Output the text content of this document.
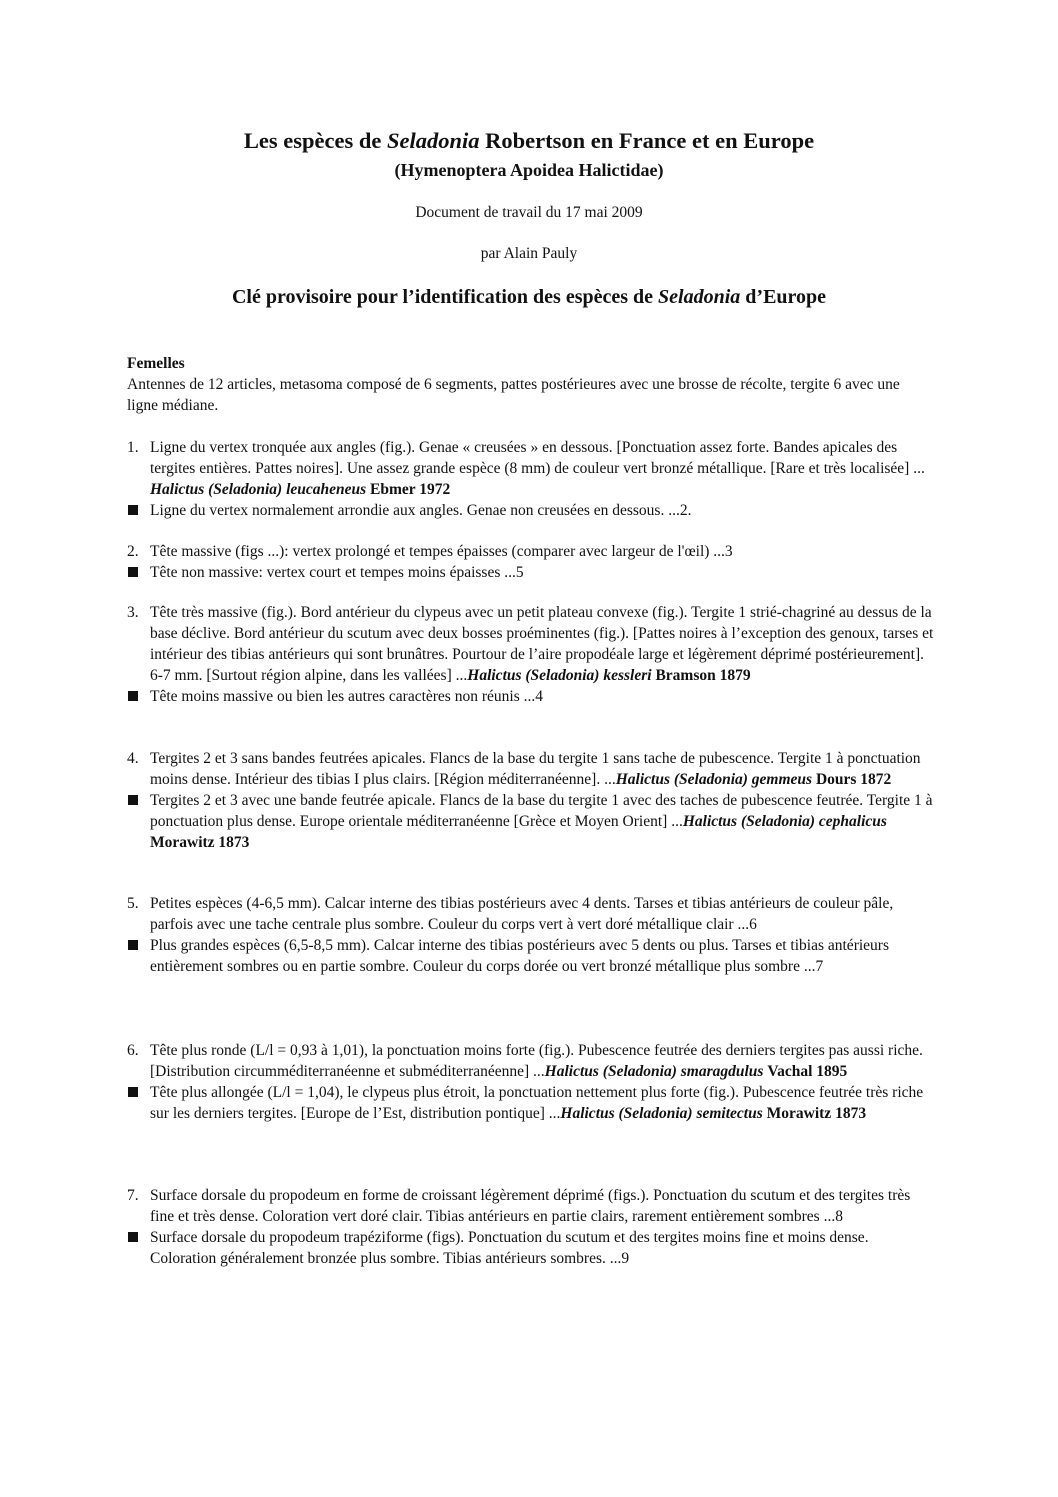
Les espèces de Seladonia Robertson en France et en Europe
(Hymenoptera Apoidea Halictidae)
Document de travail du 17 mai 2009
par Alain Pauly
Clé provisoire pour l’identification des espèces de Seladonia d’Europe
Femelles
Antennes de 12 articles, metasoma composé de 6 segments, pattes postérieures avec une brosse de récolte, tergite 6 avec une ligne médiane.
1. Ligne du vertex tronquée aux angles (fig.). Genae « creusées » en dessous. [Ponctuation assez forte. Bandes apicales des tergites entières. Pattes noires]. Une assez grande espèce (8 mm) de couleur vert bronzé métallique. [Rare et très localisée] ... Halictus (Seladonia) leucaheneus Ebmer 1972
Ligne du vertex normalement arrondie aux angles. Genae non creusées en dessous. ...2.
2. Tête massive (figs ...): vertex prolongé et tempes épaisses (comparer avec largeur de l'œil) ...3
Tête non massive: vertex court et tempes moins épaisses ...5
3. Tête très massive (fig.). Bord antérieur du clypeus avec un petit plateau convexe (fig.). Tergite 1 strié-chagriné au dessus de la base déclive. Bord antérieur du scutum avec deux bosses proéminentes (fig.). [Pattes noires à l’exception des genoux, tarses et intérieur des tibias antérieurs qui sont brunâtres. Pourtour de l’aire propodéale large et légèrement déprimé postérieurement]. 6-7 mm. [Surtout région alpine, dans les vallées] ...Halictus (Seladonia) kessleri Bramson 1879
Tête moins massive ou bien les autres caractères non réunis ...4
4. Tergites 2 et 3 sans bandes feutrées apicales. Flancs de la base du tergite 1 sans tache de pubescence. Tergite 1 à ponctuation moins dense. Intérieur des tibias I plus clairs. [Région méditerranéenne]. ...Halictus (Seladonia) gemmeus Dours 1872
Tergites 2 et 3 avec une bande feutrée apicale. Flancs de la base du tergite 1 avec des taches de pubescence feutrée. Tergite 1 à ponctuation plus dense. Europe orientale méditerranéenne [Grèce et Moyen Orient] ...Halictus (Seladonia) cephalicus Morawitz 1873
5. Petites espèces (4-6,5 mm). Calcar interne des tibias postérieurs avec 4 dents. Tarses et tibias antérieurs de couleur pâle, parfois avec une tache centrale plus sombre. Couleur du corps vert à vert doré métallique clair ...6
Plus grandes espèces (6,5-8,5 mm). Calcar interne des tibias postérieurs avec 5 dents ou plus. Tarses et tibias antérieurs entièrement sombres ou en partie sombre. Couleur du corps dorée ou vert bronzé métallique plus sombre ...7
6. Tête plus ronde (L/l = 0,93 à 1,01), la ponctuation moins forte (fig.). Pubescence feutrée des derniers tergites pas aussi riche. [Distribution circumméditerranéenne et subméditerranéenne] ...Halictus (Seladonia) smaragdulus Vachal 1895
Tête plus allongée (L/l = 1,04), le clypeus plus étroit, la ponctuation nettement plus forte (fig.). Pubescence feutrée très riche sur les derniers tergites. [Europe de l’Est, distribution pontique] ...Halictus (Seladonia) semitectus Morawitz 1873
7. Surface dorsale du propodeum en forme de croissant légèrement déprimé (figs.). Ponctuation du scutum et des tergites très fine et très dense. Coloration vert doré clair. Tibias antérieurs en partie clairs, rarement entièrement sombres ...8
Surface dorsale du propodeum trapéziforme (figs). Ponctuation du scutum et des tergites moins fine et moins dense. Coloration généralement bronzée plus sombre. Tibias antérieurs sombres. ...9
